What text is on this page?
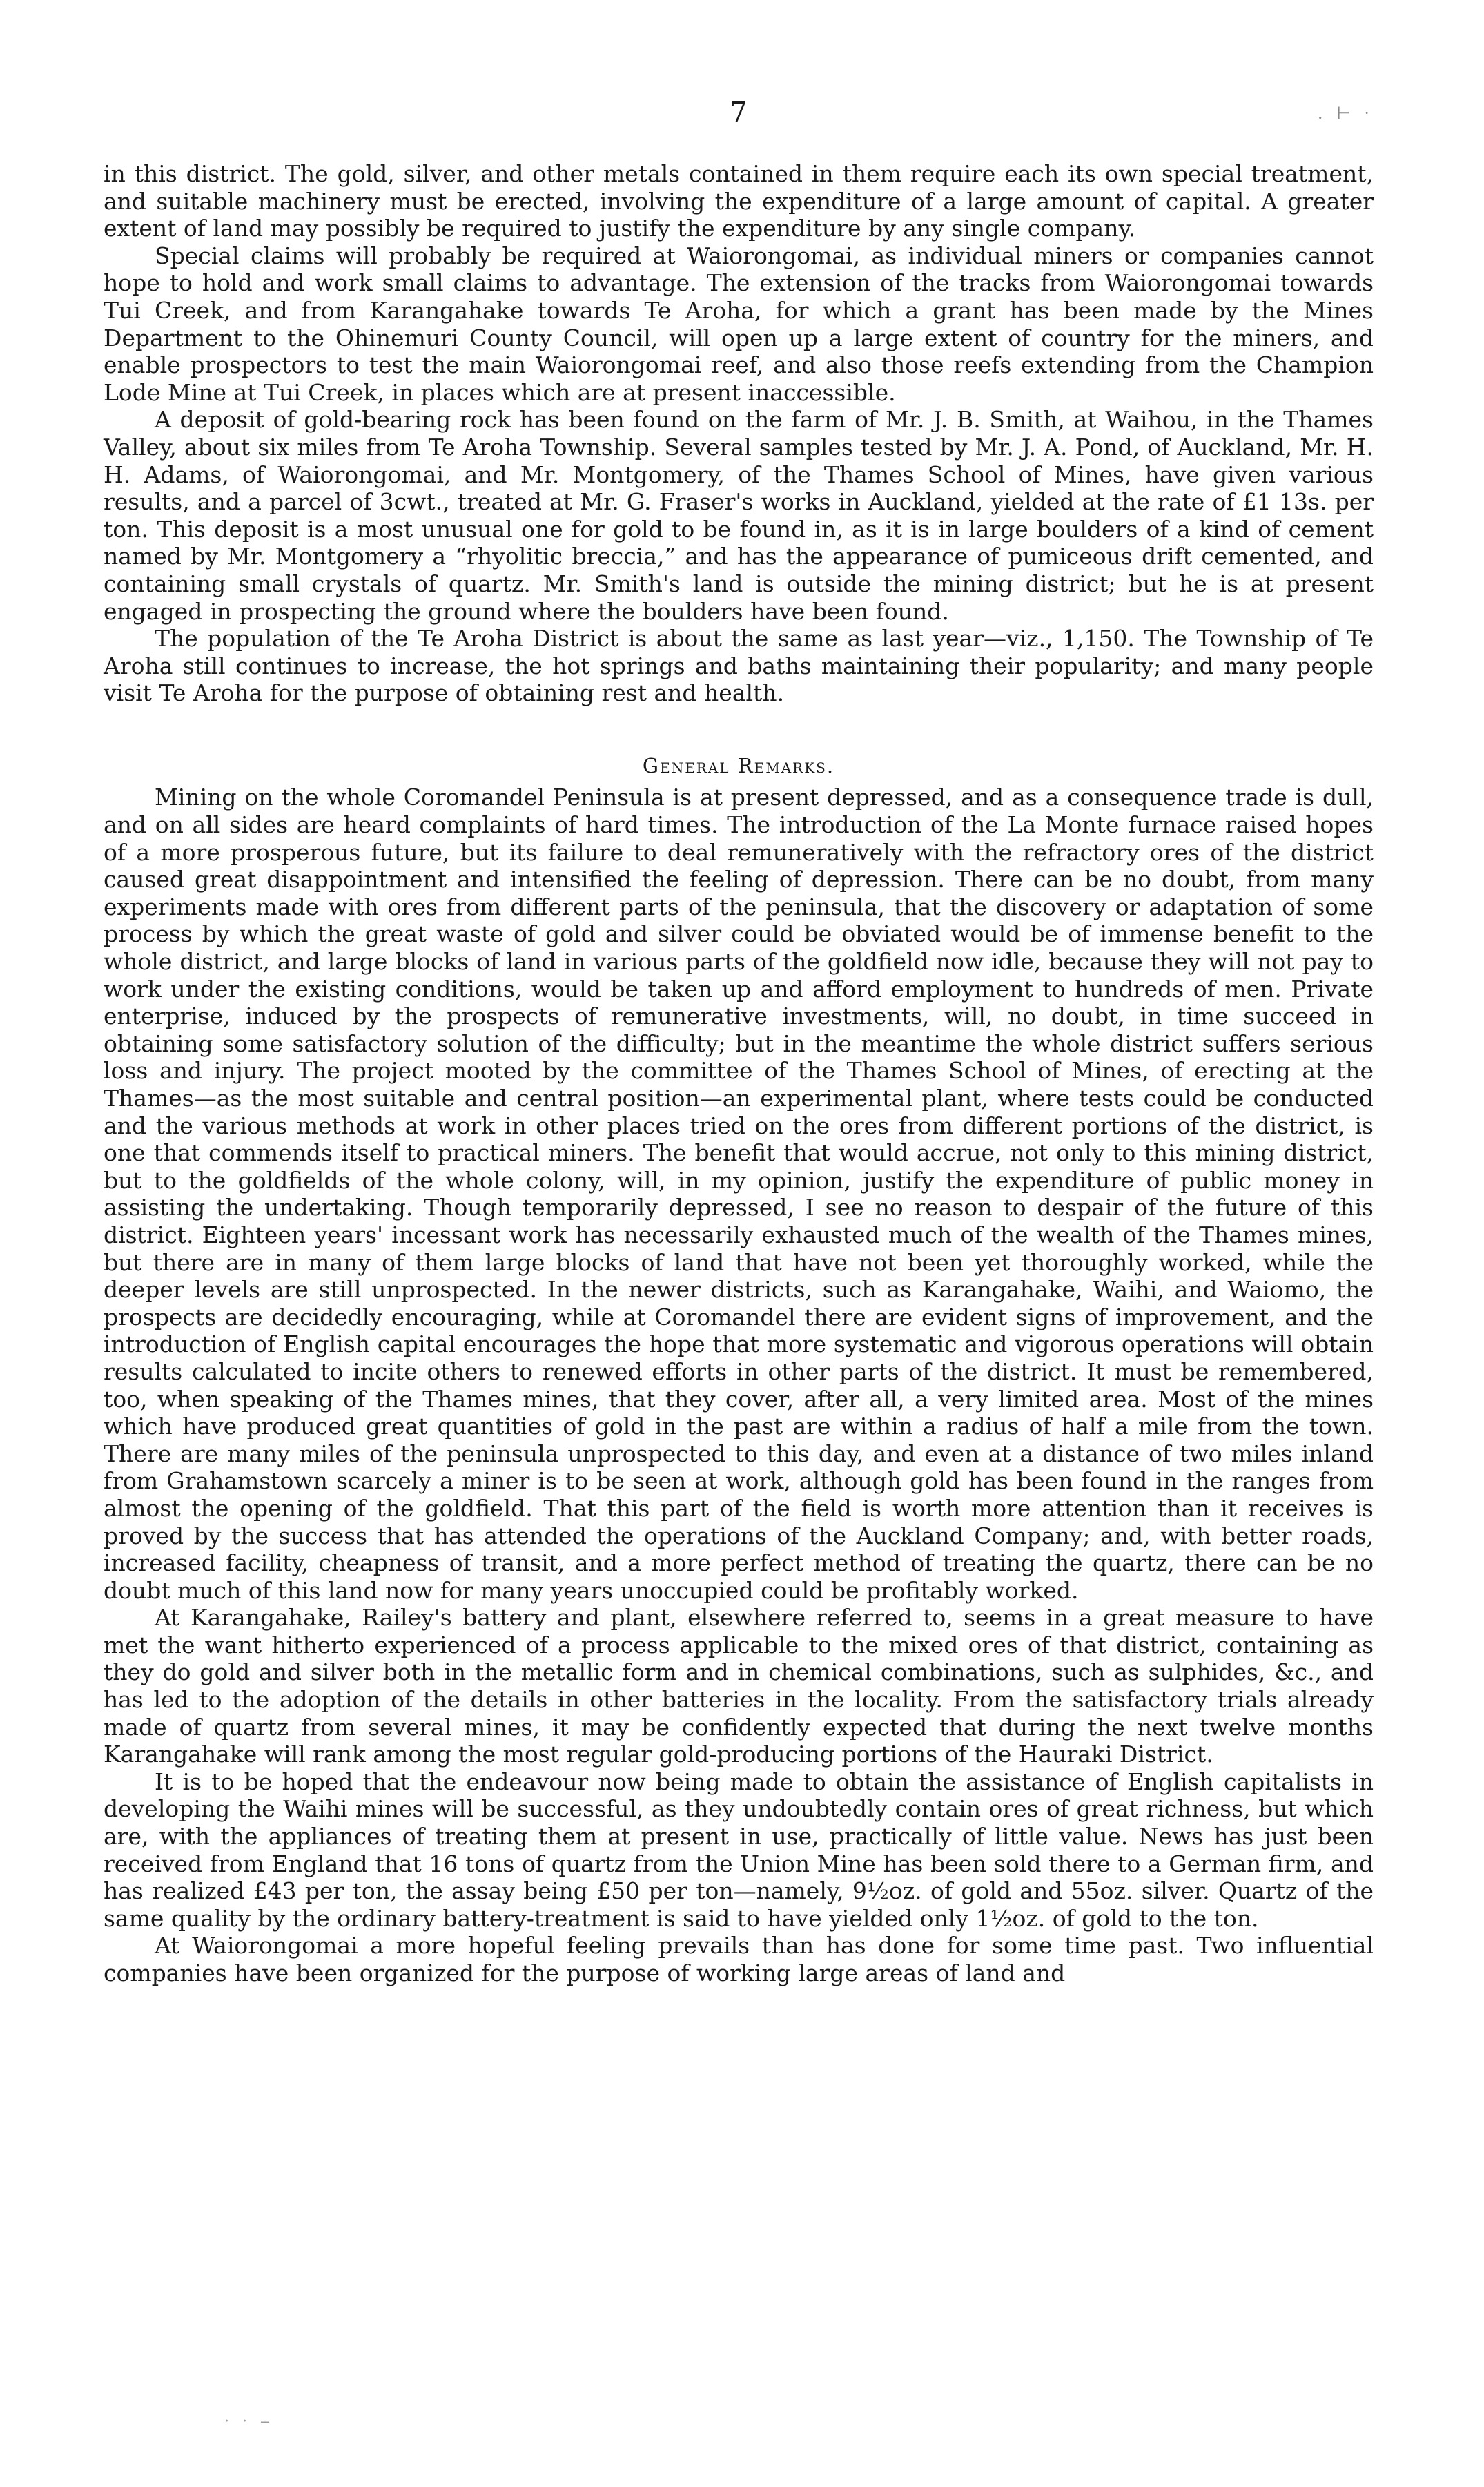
7	. ⊢ ·

in this district. The gold, silver, and other metals contained in them require each its own special treatment, and suitable machinery must be erected, involving the expenditure of a large amount of capital. A greater extent of land may possibly be required to justify the expenditure by any single company.

Special claims will probably be required at Waiorongomai, as individual miners or companies cannot hope to hold and work small claims to advantage. The extension of the tracks from Waiorongomai towards Tui Creek, and from Karangahake towards Te Aroha, for which a grant has been made by the Mines Department to the Ohinemuri County Council, will open up a large extent of country for the miners, and enable prospectors to test the main Waiorongomai reef, and also those reefs extending from the Champion Lode Mine at Tui Creek, in places which are at present inaccessible.

A deposit of gold-bearing rock has been found on the farm of Mr. J. B. Smith, at Waihou, in the Thames Valley, about six miles from Te Aroha Township. Several samples tested by Mr. J. A. Pond, of Auckland, Mr. H. H. Adams, of Waiorongomai, and Mr. Montgomery, of the Thames School of Mines, have given various results, and a parcel of 3cwt., treated at Mr. G. Fraser's works in Auckland, yielded at the rate of £1 13s. per ton. This deposit is a most unusual one for gold to be found in, as it is in large boulders of a kind of cement named by Mr. Montgomery a “rhyolitic breccia,” and has the appearance of pumiceous drift cemented, and containing small crystals of quartz. Mr. Smith's land is outside the mining district; but he is at present engaged in prospecting the ground where the boulders have been found.

The population of the Te Aroha District is about the same as last year—viz., 1,150. The Township of Te Aroha still continues to increase, the hot springs and baths maintaining their popularity; and many people visit Te Aroha for the purpose of obtaining rest and health.

General Remarks.

Mining on the whole Coromandel Peninsula is at present depressed, and as a consequence trade is dull, and on all sides are heard complaints of hard times. The introduction of the La Monte furnace raised hopes of a more prosperous future, but its failure to deal remuneratively with the refractory ores of the district caused great disappointment and intensified the feeling of depression. There can be no doubt, from many experiments made with ores from different parts of the peninsula, that the discovery or adaptation of some process by which the great waste of gold and silver could be obviated would be of immense benefit to the whole district, and large blocks of land in various parts of the goldfield now idle, because they will not pay to work under the existing conditions, would be taken up and afford employment to hundreds of men. Private enterprise, induced by the prospects of remunerative investments, will, no doubt, in time succeed in obtaining some satisfactory solution of the difficulty; but in the meantime the whole district suffers serious loss and injury. The project mooted by the committee of the Thames School of Mines, of erecting at the Thames—as the most suitable and central position—an experimental plant, where tests could be conducted and the various methods at work in other places tried on the ores from different portions of the district, is one that commends itself to practical miners. The benefit that would accrue, not only to this mining district, but to the goldfields of the whole colony, will, in my opinion, justify the expenditure of public money in assisting the undertaking. Though temporarily depressed, I see no reason to despair of the future of this district. Eighteen years' incessant work has necessarily exhausted much of the wealth of the Thames mines, but there are in many of them large blocks of land that have not been yet thoroughly worked, while the deeper levels are still unprospected. In the newer districts, such as Karangahake, Waihi, and Waiomo, the prospects are decidedly encouraging, while at Coromandel there are evident signs of improvement, and the introduction of English capital encourages the hope that more systematic and vigorous operations will obtain results calculated to incite others to renewed efforts in other parts of the district. It must be remembered, too, when speaking of the Thames mines, that they cover, after all, a very limited area. Most of the mines which have produced great quantities of gold in the past are within a radius of half a mile from the town. There are many miles of the peninsula unprospected to this day, and even at a distance of two miles inland from Grahamstown scarcely a miner is to be seen at work, although gold has been found in the ranges from almost the opening of the goldfield. That this part of the field is worth more attention than it receives is proved by the success that has attended the operations of the Auckland Company; and, with better roads, increased facility, cheapness of transit, and a more perfect method of treating the quartz, there can be no doubt much of this land now for many years unoccupied could be profitably worked.

At Karangahake, Railey's battery and plant, elsewhere referred to, seems in a great measure to have met the want hitherto experienced of a process applicable to the mixed ores of that district, containing as they do gold and silver both in the metallic form and in chemical combinations, such as sulphides, &c., and has led to the adoption of the details in other batteries in the locality. From the satisfactory trials already made of quartz from several mines, it may be confidently expected that during the next twelve months Karangahake will rank among the most regular gold-producing portions of the Hauraki District.

It is to be hoped that the endeavour now being made to obtain the assistance of English capitalists in developing the Waihi mines will be successful, as they undoubtedly contain ores of great richness, but which are, with the appliances of treating them at present in use, practically of little value. News has just been received from England that 16 tons of quartz from the Union Mine has been sold there to a German firm, and has realized £43 per ton, the assay being £50 per ton—namely, 9½oz. of gold and 55oz. silver. Quartz of the same quality by the ordinary battery-treatment is said to have yielded only 1½oz. of gold to the ton.

At Waiorongomai a more hopeful feeling prevails than has done for some time past. Two influential companies have been organized for the purpose of working large areas of land and

· · ‒
